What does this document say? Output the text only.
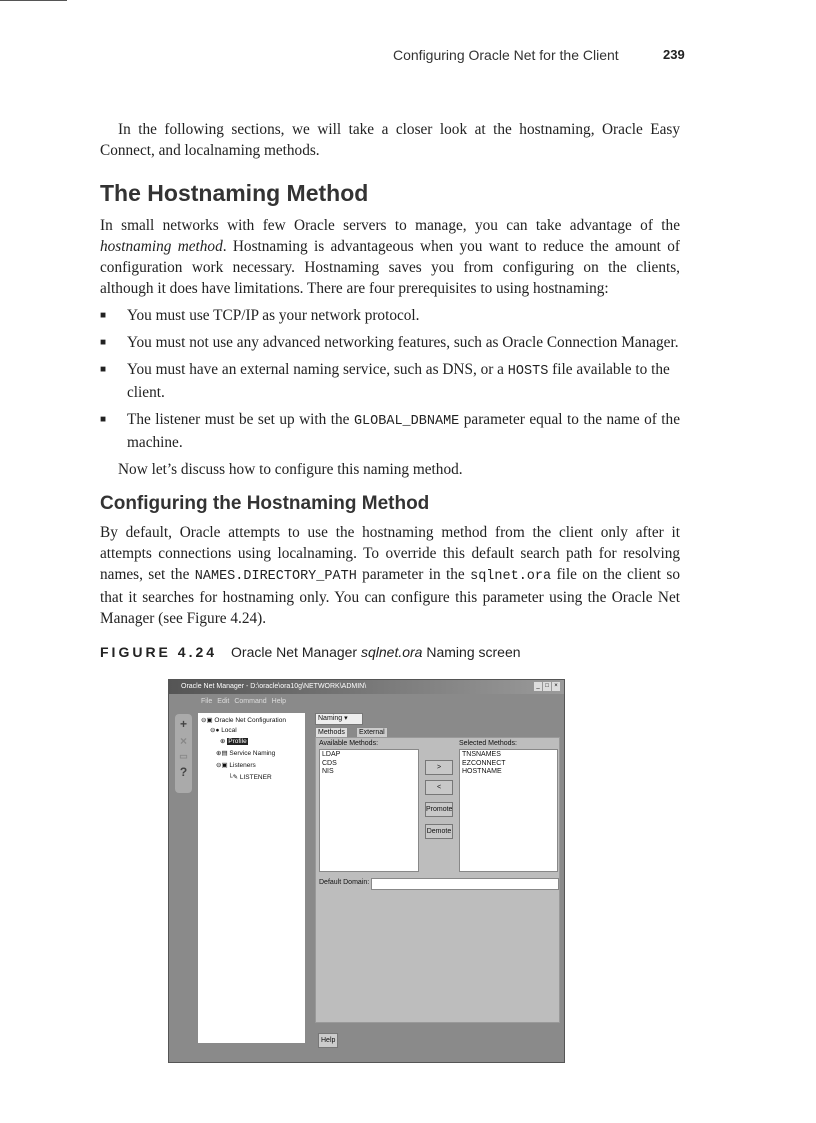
Configuring Oracle Net for the Client	239

In the following sections, we will take a closer look at the hostnaming, Oracle Easy Connect, and localnaming methods.

The Hostnaming Method

In small networks with few Oracle servers to manage, you can take advantage of the hostnaming method. Hostnaming is advantageous when you want to reduce the amount of configuration work necessary. Hostnaming saves you from configuring on the clients, although it does have limitations. There are four prerequisites to using hostnaming:

■ You must use TCP/IP as your network protocol.
■ You must not use any advanced networking features, such as Oracle Connection Manager.
■ You must have an external naming service, such as DNS, or a HOSTS file available to the client.
■ The listener must be set up with the GLOBAL_DBNAME parameter equal to the name of the machine.

Now let’s discuss how to configure this naming method.

Configuring the Hostnaming Method

By default, Oracle attempts to use the hostnaming method from the client only after it attempts connections using localnaming. To override this default search path for resolving names, set the NAMES.DIRECTORY_PATH parameter in the sqlnet.ora file on the client so that it searches for hostnaming only. You can configure this parameter using the Oracle Net Manager (see Figure 4.24).

FIGURE 4.24 Oracle Net Manager sqlnet.ora Naming screen
Oracle Net Manager - D:\oracle\ora10g\NETWORK\ADMIN\	_ □ ×
File Edit Command Help
+
×
▭
?
⊖▣ Oracle Net Configuration
⊖● Local
⊕ Profile
⊕▤ Service Naming
⊖▣ Listeners
└✎ LISTENER
Naming ▾
Methods	External
Available Methods:	Selected Methods:
LDAP
CDS
NIS
>
<
Promote
Demote
TNSNAMES
EZCONNECT
HOSTNAME
Default Domain:
Help
